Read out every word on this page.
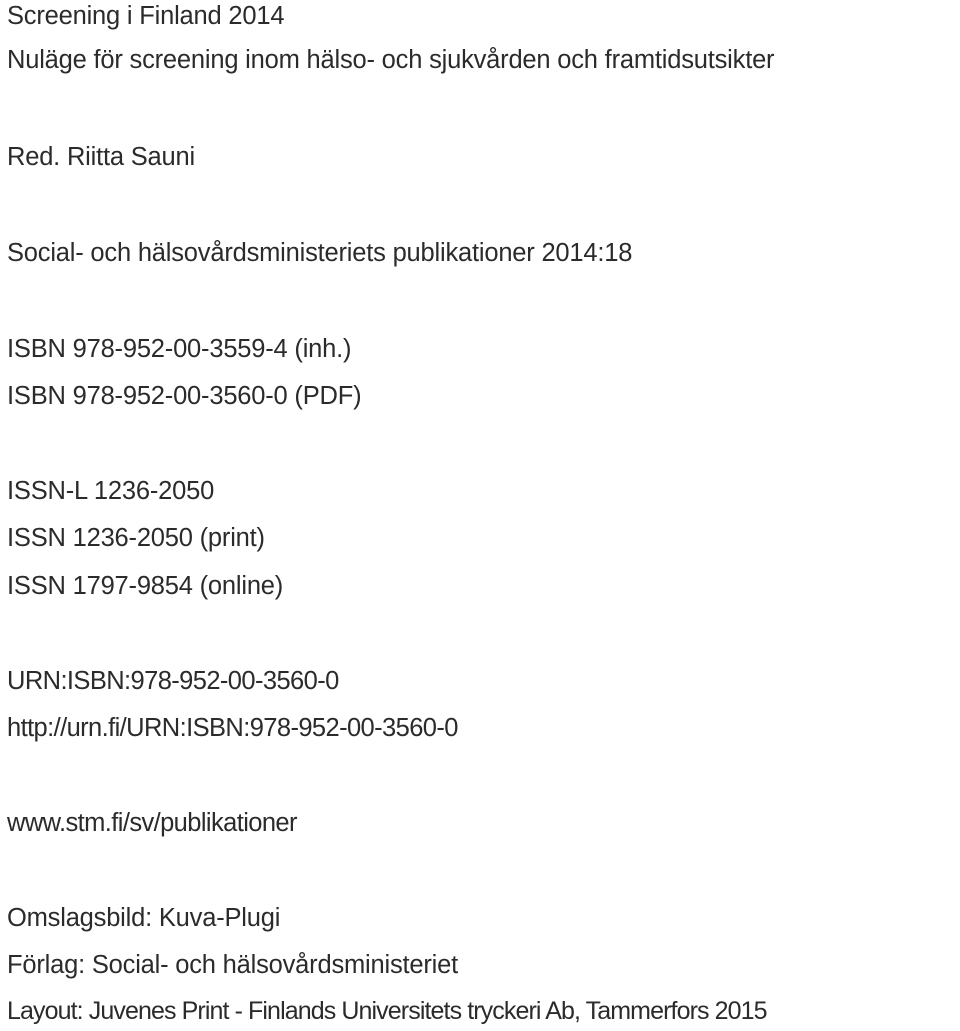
Screening i Finland 2014

Nuläge för screening inom hälso- och sjukvården och framtidsutsikter

Red. Riitta Sauni

Social- och hälsovårdsministeriets publikationer 2014:18

ISBN 978-952-00-3559-4 (inh.)

ISBN 978-952-00-3560-0 (PDF)

ISSN-L 1236-2050

ISSN 1236-2050 (print)

ISSN 1797-9854 (online)

URN:ISBN:978-952-00-3560-0

http://urn.fi/URN:ISBN:978-952-00-3560-0

www.stm.fi/sv/publikationer

Omslagsbild: Kuva-Plugi

Förlag: Social- och hälsovårdsministeriet

Layout: Juvenes Print - Finlands Universitets tryckeri Ab, Tammerfors 2015
